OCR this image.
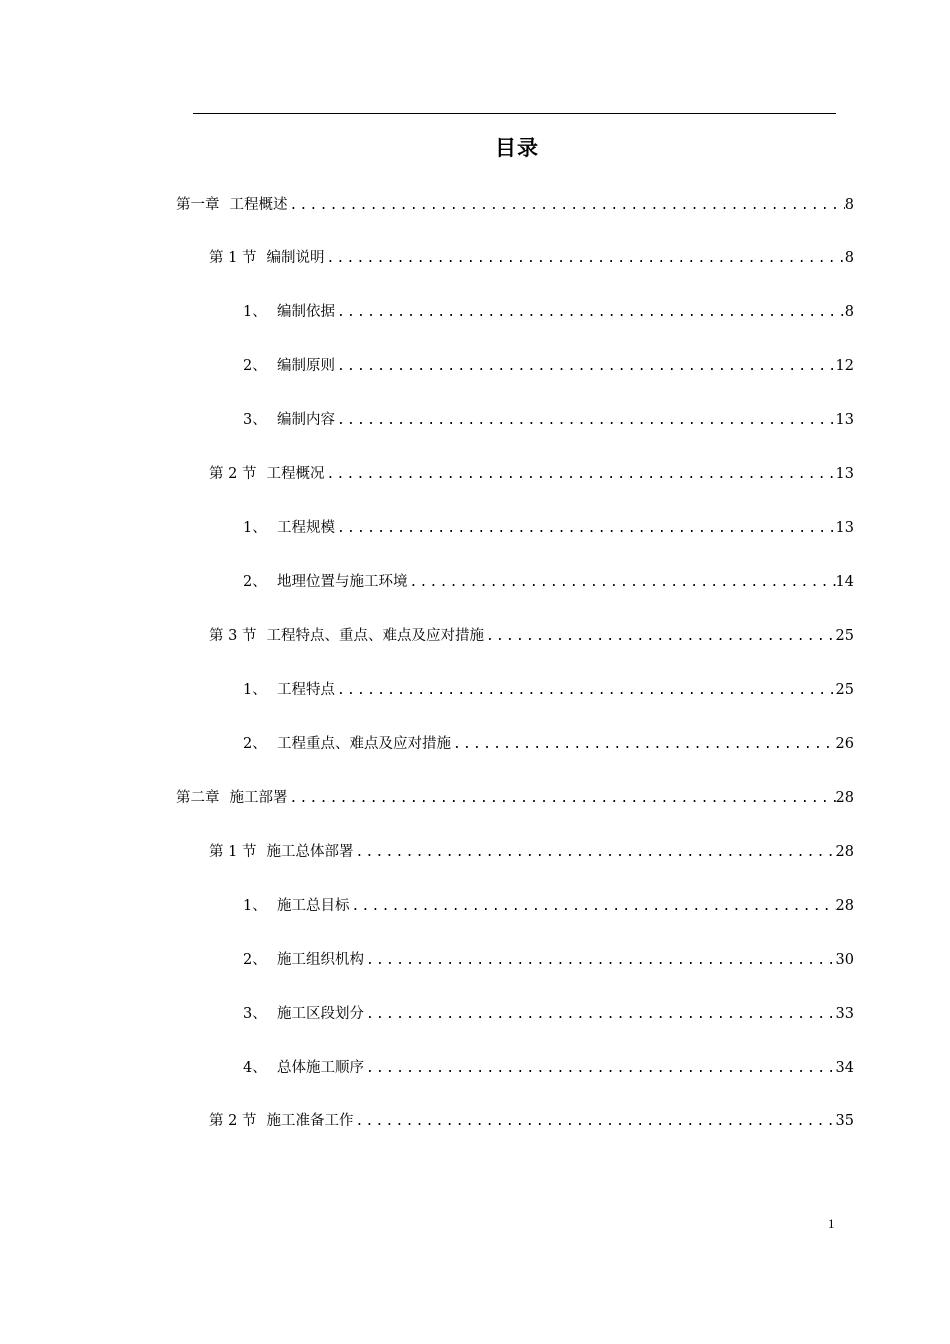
目录
第一章 工程概述 .....	8
第 1 节 编制说明 .....	8
1、 编制依据 .....	8
2、 编制原则 .....	12
3、 编制内容 .....	13
第 2 节 工程概况 .....	13
1、 工程规模 .....	13
2、 地理位置与施工环境 .....	14
第 3 节 工程特点、重点、难点及应对措施 .....	25
1、 工程特点 .....	25
2、 工程重点、难点及应对措施 .....	26
第二章 施工部署 .....	28
第 1 节 施工总体部署 .....	28
1、 施工总目标 .....	28
2、 施工组织机构 .....	30
3、 施工区段划分 .....	33
4、 总体施工顺序 .....	34
第 2 节 施工准备工作 .....	35
1
